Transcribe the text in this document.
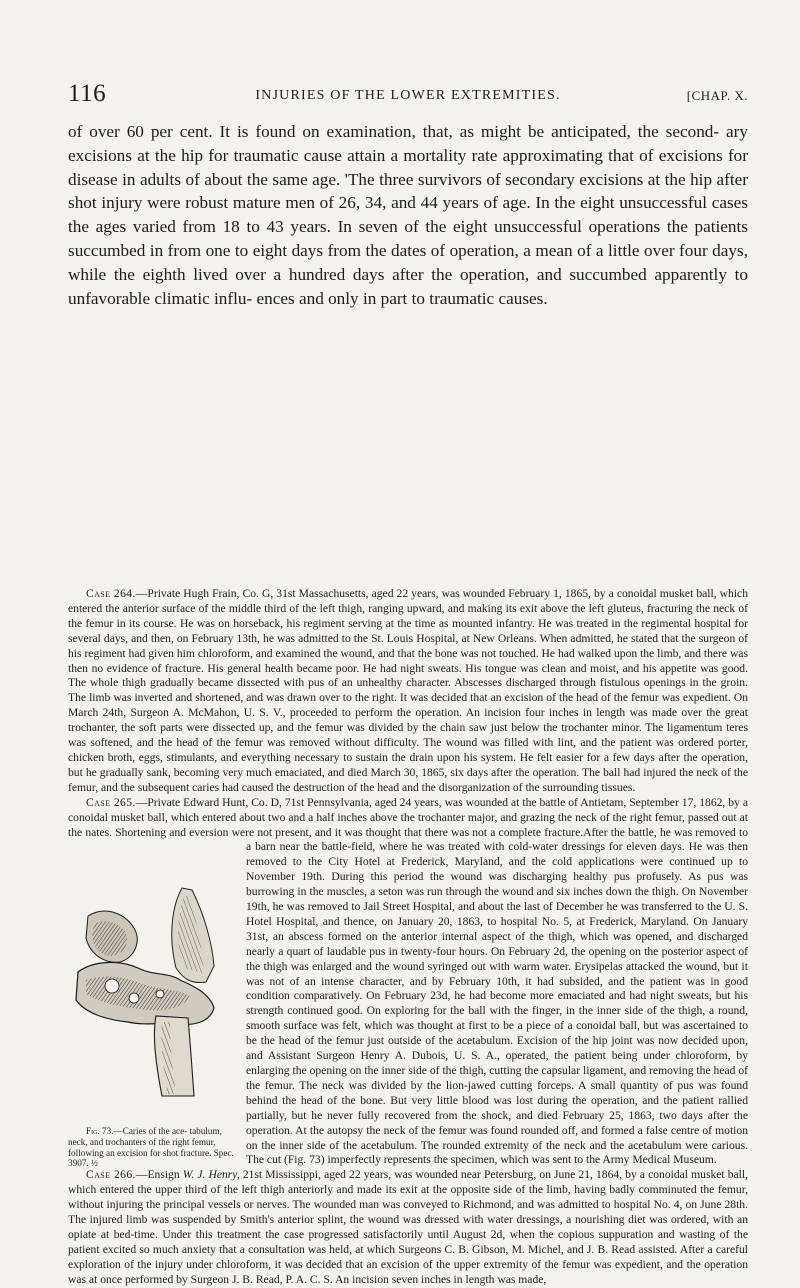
116	INJURIES OF THE LOWER EXTREMITIES.	[CHAP. X.

of over 60 per cent. It is found on examination, that, as might be anticipated, the second- ary excisions at the hip for traumatic cause attain a mortality rate approximating that of excisions for disease in adults of about the same age. 'The three survivors of secondary excisions at the hip after shot injury were robust mature men of 26, 34, and 44 years of age. In the eight unsuccessful cases the ages varied from 18 to 43 years. In seven of the eight unsuccessful operations the patients succumbed in from one to eight days from the dates of operation, a mean of a little over four days, while the eighth lived over a hundred days after the operation, and succumbed apparently to unfavorable climatic influ- ences and only in part to traumatic causes.

Case 264.—Private Hugh Frain, Co. G, 31st Massachusetts, aged 22 years, was wounded February 1, 1865, by a conoidal musket ball, which entered the anterior surface of the middle third of the left thigh, ranging upward, and making its exit above the left gluteus, fracturing the neck of the femur in its course. He was on horseback, his regiment serving at the time as mounted infantry. He was treated in the regimental hospital for several days, and then, on February 13th, he was admitted to the St. Louis Hospital, at New Orleans. When admitted, he stated that the surgeon of his regiment had given him chloroform, and examined the wound, and that the bone was not touched. He had walked upon the limb, and there was then no evidence of fracture. His general health became poor. He had night sweats. His tongue was clean and moist, and his appetite was good. The whole thigh gradually became dissected with pus of an unhealthy character. Abscesses discharged through fistulous openings in the groin. The limb was inverted and shortened, and was drawn over to the right. It was decided that an excision of the head of the femur was expedient. On March 24th, Surgeon A. McMahon, U. S. V., proceeded to perform the operation. An incision four inches in length was made over the great trochanter, the soft parts were dissected up, and the femur was divided by the chain saw just below the trochanter minor. The ligamentum teres was softened, and the head of the femur was removed without difficulty. The wound was filled with lint, and the patient was ordered porter, chicken broth, eggs, stimulants, and everything necessary to sustain the drain upon his system. He felt easier for a few days after the operation, but he gradually sank, becoming very much emaciated, and died March 30, 1865, six days after the operation. The ball had injured the neck of the femur, and the subsequent caries had caused the destruction of the head and the disorganization of the surrounding tissues.

Case 265.—Private Edward Hunt, Co. D, 71st Pennsylvania, aged 24 years, was wounded at the battle of Antietam, September 17, 1862, by a conoidal musket ball, which entered about two and a half inches above the trochanter major, and grazing the neck of the right femur, passed out at the nates. Shortening and eversion were not present, and it was thought that there was not a complete fracture.
Fig. 73.—Caries of the ace- tabulum, neck, and trochanters of the right femur, following an excision for shot fracture. Spec. 3907. ½
After the battle, he was removed to a barn near the battle-field, where he was treated with cold-water dressings for eleven days. He was then removed to the City Hotel at Frederick, Maryland, and the cold applications were continued up to November 19th. During this period the wound was discharging healthy pus profusely. As pus was burrowing in the muscles, a seton was run through the wound and six inches down the thigh. On November 19th, he was removed to Jail Street Hospital, and about the last of December he was transferred to the U. S. Hotel Hospital, and thence, on January 20, 1863, to hospital No. 5, at Frederick, Maryland. On January 31st, an abscess formed on the anterior internal aspect of the thigh, which was opened, and discharged nearly a quart of laudable pus in twenty-four hours. On February 2d, the opening on the posterior aspect of the thigh was enlarged and the wound syringed out with warm water. Erysipelas attacked the wound, but it was not of an intense character, and by February 10th, it had subsided, and the patient was in good condition comparatively. On February 23d, he had become more emaciated and had night sweats, but his strength continued good. On exploring for the ball with the finger, in the inner side of the thigh, a round, smooth surface was felt, which was thought at first to be a piece of a conoidal ball, but was ascertained to be the head of the femur just outside of the acetabulum. Excision of the hip joint was now decided upon, and Assistant Surgeon Henry A. Dubois, U. S. A., operated, the patient being under chloroform, by enlarging the opening on the inner side of the thigh, cutting the capsular ligament, and removing the head of the femur. The neck was divided by the lion-jawed cutting forceps. A small quantity of pus was found behind the head of the bone. But very little blood was lost during the operation, and the patient rallied partially, but he never fully recovered from the shock, and died February 25, 1863, two days after the operation. At the autopsy the neck of the femur was found rounded off, and formed a false centre of motion on the inner side of the acetabulum. The rounded extremity of the neck and the acetabulum were carious. The cut (Fig. 73) imperfectly represents the specimen, which was sent to the Army Medical Museum.

Case 266.—Ensign W. J. Henry, 21st Mississippi, aged 22 years, was wounded near Petersburg, on June 21, 1864, by a conoidal musket ball, which entered the upper third of the left thigh anteriorly and made its exit at the opposite side of the limb, having badly comminuted the femur, without injuring the principal vessels or nerves. The wounded man was conveyed to Richmond, and was admitted to hospital No. 4, on June 28th. The injured limb was suspended by Smith's anterior splint, the wound was dressed with water dressings, a nourishing diet was ordered, with an opiate at bed-time. Under this treatment the case progressed satisfactorily until August 2d, when the copious suppuration and wasting of the patient excited so much anxiety that a consultation was held, at which Surgeons C. B. Gibson, M. Michel, and J. B. Read assisted. After a careful exploration of the injury under chloroform, it was decided that an excision of the upper extremity of the femur was expedient, and the operation was at once performed by Surgeon J. B. Read, P. A. C. S. An incision seven inches in length was made,
